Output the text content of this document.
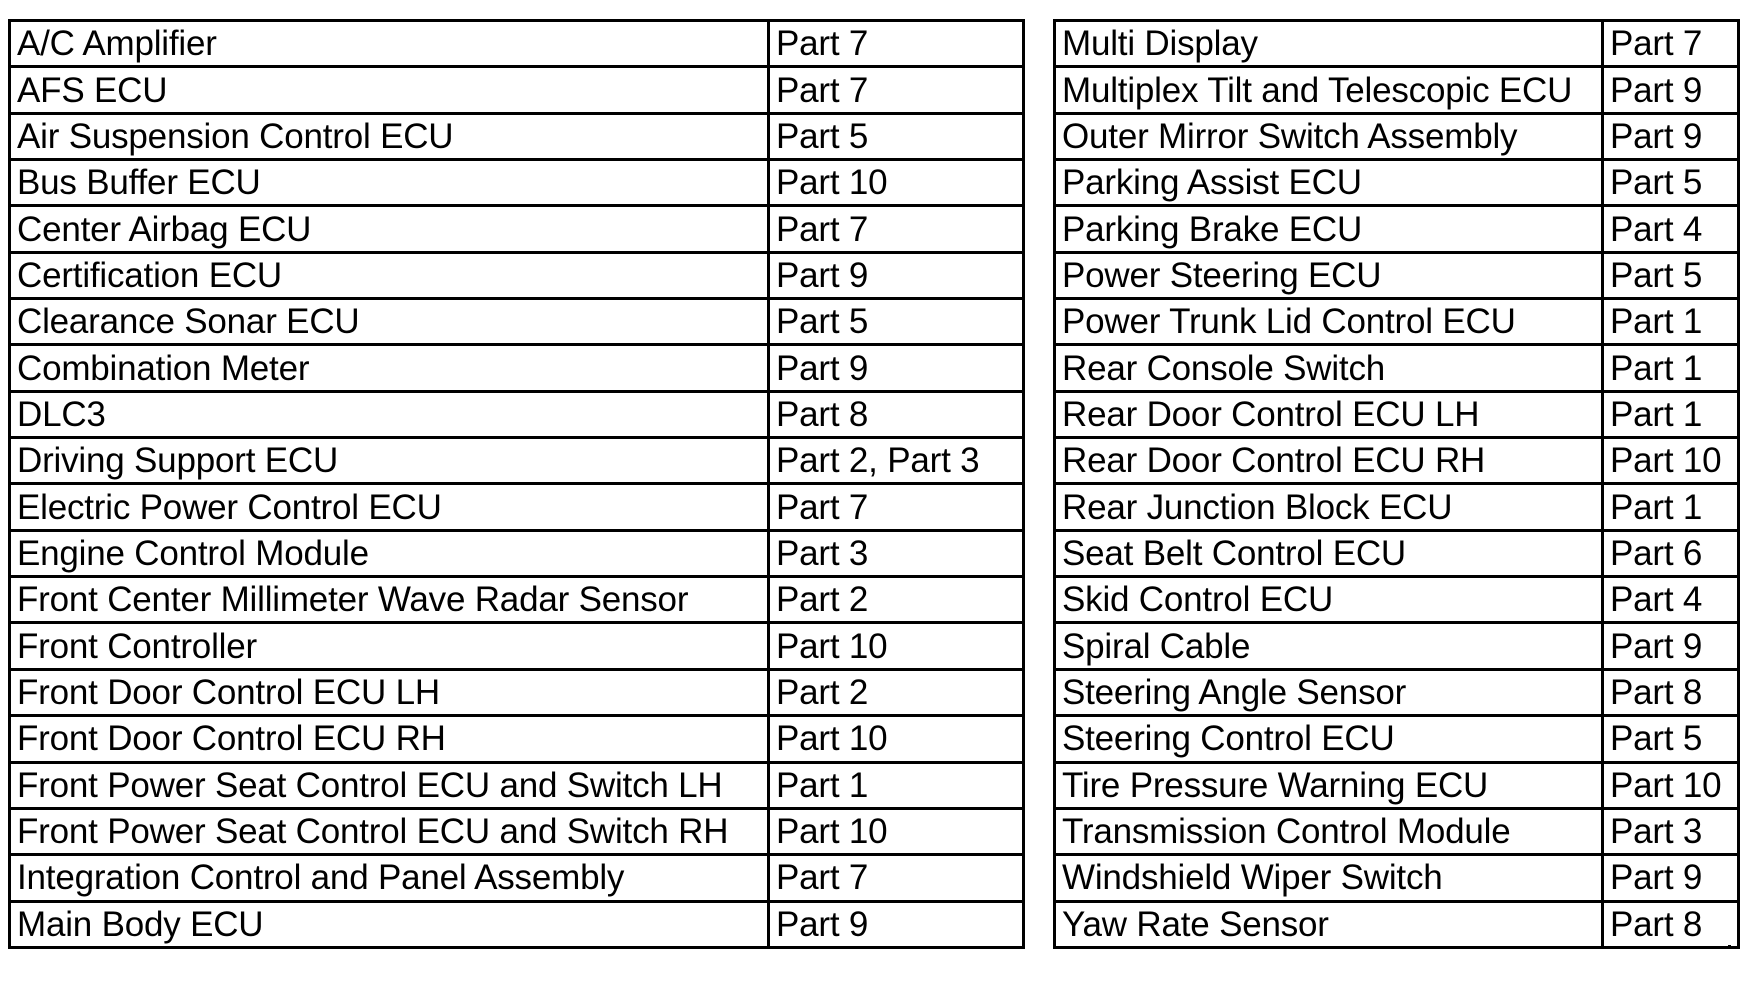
A/C Amplifier	Part 7
AFS ECU	Part 7
Air Suspension Control ECU	Part 5
Bus Buffer ECU	Part 10
Center Airbag ECU	Part 7
Certification ECU	Part 9
Clearance Sonar ECU	Part 5
Combination Meter	Part 9
DLC3	Part 8
Driving Support ECU	Part 2, Part 3
Electric Power Control ECU	Part 7
Engine Control Module	Part 3
Front Center Millimeter Wave Radar Sensor	Part 2
Front Controller	Part 10
Front Door Control ECU LH	Part 2
Front Door Control ECU RH	Part 10
Front Power Seat Control ECU and Switch LH	Part 1
Front Power Seat Control ECU and Switch RH	Part 10
Integration Control and Panel Assembly	Part 7
Main Body ECU	Part 9
Multi Display	Part 7
Multiplex Tilt and Telescopic ECU	Part 9
Outer Mirror Switch Assembly	Part 9
Parking Assist ECU	Part 5
Parking Brake ECU	Part 4
Power Steering ECU	Part 5
Power Trunk Lid Control ECU	Part 1
Rear Console Switch	Part 1
Rear Door Control ECU LH	Part 1
Rear Door Control ECU RH	Part 10
Rear Junction Block ECU	Part 1
Seat Belt Control ECU	Part 6
Skid Control ECU	Part 4
Spiral Cable	Part 9
Steering Angle Sensor	Part 8
Steering Control ECU	Part 5
Tire Pressure Warning ECU	Part 10
Transmission Control Module	Part 3
Windshield Wiper Switch	Part 9
Yaw Rate Sensor	Part 8
